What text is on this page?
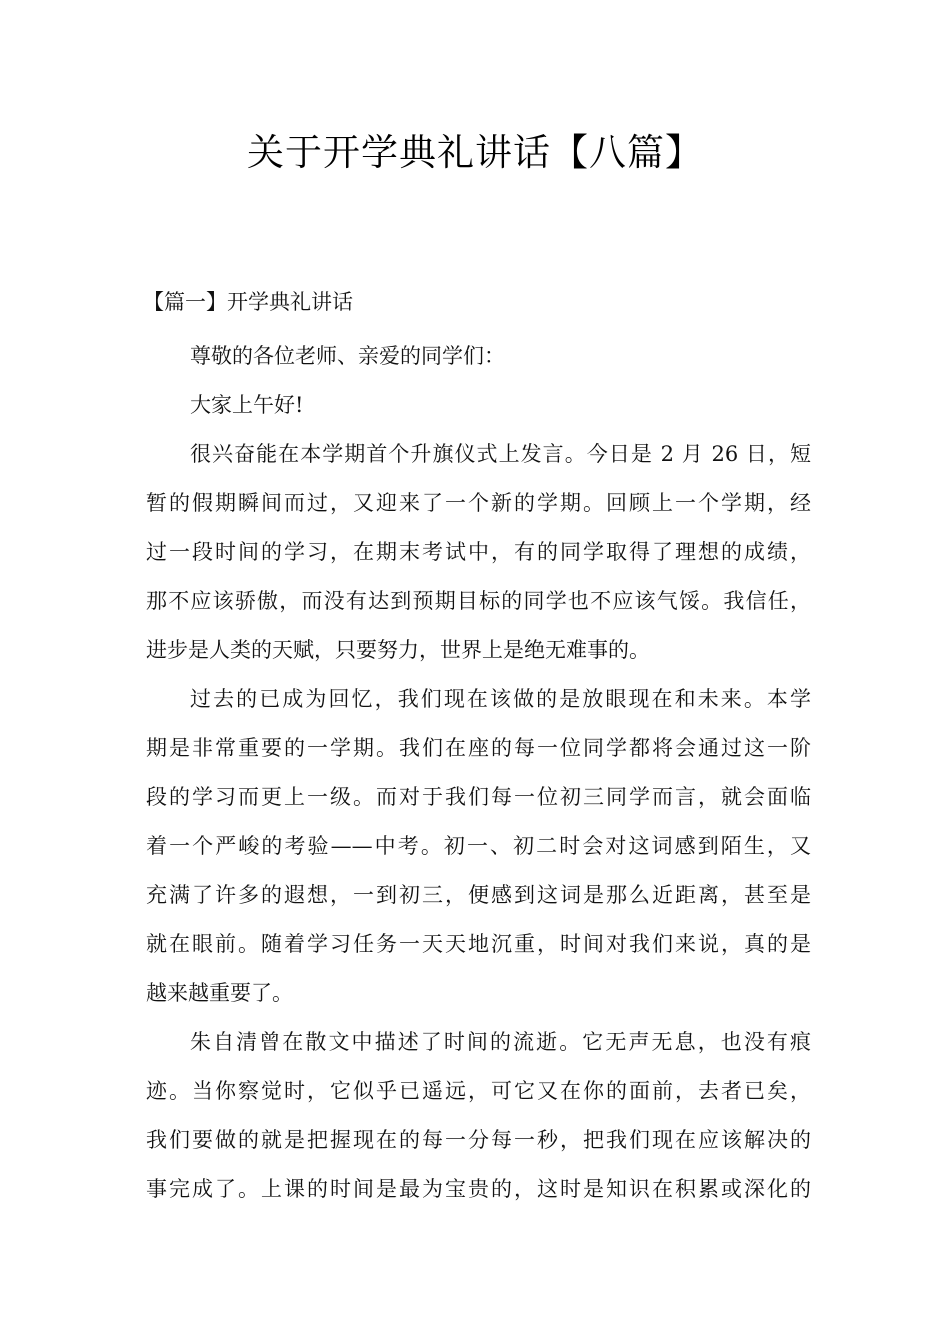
关于开学典礼讲话【八篇】
【篇一】开学典礼讲话
尊敬的各位老师、亲爱的同学们：
大家上午好!
很兴奋能在本学期首个升旗仪式上发言。今日是 2 月 26 日，短
暂的假期瞬间而过，又迎来了一个新的学期。回顾上一个学期，经
过一段时间的学习，在期末考试中，有的同学取得了理想的成绩，
那不应该骄傲，而没有达到预期目标的同学也不应该气馁。我信任，
进步是人类的天赋，只要努力，世界上是绝无难事的。
过去的已成为回忆，我们现在该做的是放眼现在和未来。本学
期是非常重要的一学期。我们在座的每一位同学都将会通过这一阶
段的学习而更上一级。而对于我们每一位初三同学而言，就会面临
着一个严峻的考验——中考。初一、初二时会对这词感到陌生，又
充满了许多的遐想，一到初三，便感到这词是那么近距离，甚至是
就在眼前。随着学习任务一天天地沉重，时间对我们来说，真的是
越来越重要了。
朱自清曾在散文中描述了时间的流逝。它无声无息，也没有痕
迹。当你察觉时，它似乎已遥远，可它又在你的面前，去者已矣，
我们要做的就是把握现在的每一分每一秒，把我们现在应该解决的
事完成了。上课的时间是最为宝贵的，这时是知识在积累或深化的
